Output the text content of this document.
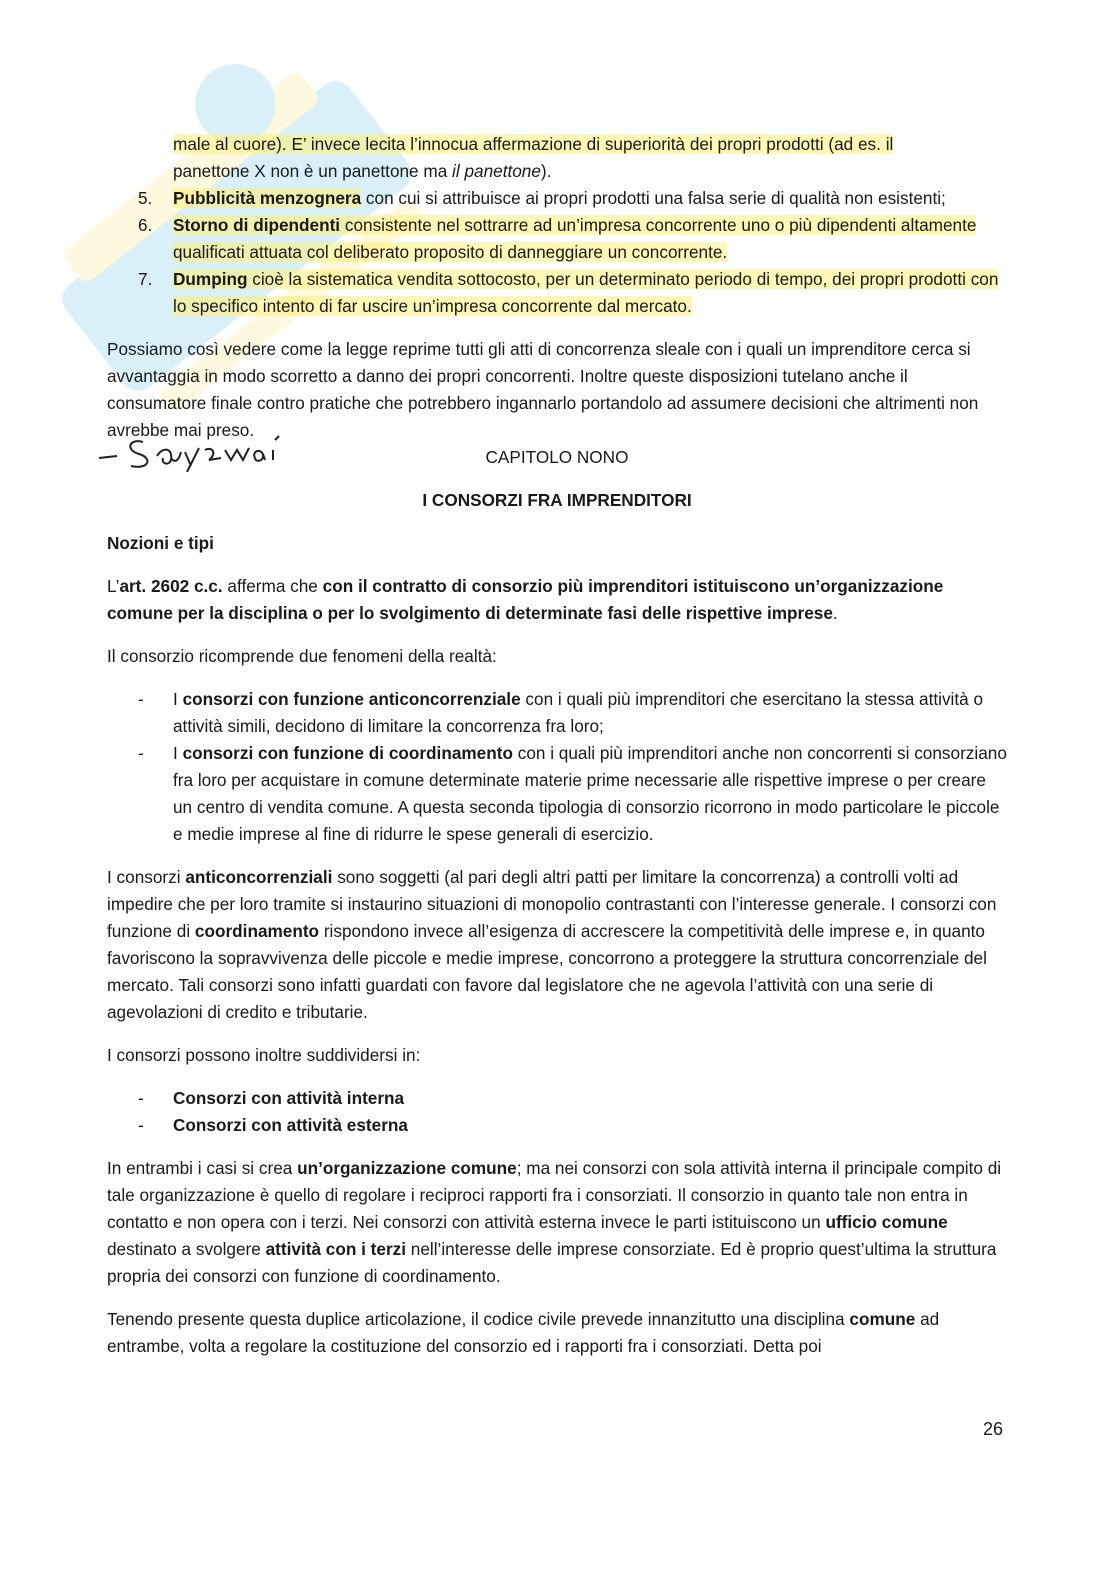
male al cuore). E’ invece lecita l’innocua affermazione di superiorità dei propri prodotti (ad es. il
panettone X non è un panettone ma il panettone).

5. Pubblicità menzognera con cui si attribuisce ai propri prodotti una falsa serie di qualità non esistenti;
6. Storno di dipendenti consistente nel sottrarre ad un’impresa concorrente uno o più dipendenti altamente qualificati attuata col deliberato proposito di danneggiare un concorrente.
7. Dumping cioè la sistematica vendita sottocosto, per un determinato periodo di tempo, dei propri prodotti con lo specifico intento di far uscire un’impresa concorrente dal mercato.

Possiamo così vedere come la legge reprime tutti gli atti di concorrenza sleale con i quali un imprenditore cerca si avvantaggia in modo scorretto a danno dei propri concorrenti. Inoltre queste disposizioni tutelano anche il consumatore finale contro pratiche che potrebbero ingannarlo portandolo ad assumere decisioni che altrimenti non avrebbe mai preso.

CAPITOLO NONO

I CONSORZI FRA IMPRENDITORI

Nozioni e tipi

L’art. 2602 c.c. afferma che con il contratto di consorzio più imprenditori istituiscono un’organizzazione comune per la disciplina o per lo svolgimento di determinate fasi delle rispettive imprese.

Il consorzio ricomprende due fenomeni della realtà:

- I consorzi con funzione anticoncorrenziale con i quali più imprenditori che esercitano la stessa attività o attività simili, decidono di limitare la concorrenza fra loro;
- I consorzi con funzione di coordinamento con i quali più imprenditori anche non concorrenti si consorziano fra loro per acquistare in comune determinate materie prime necessarie alle rispettive imprese o per creare un centro di vendita comune. A questa seconda tipologia di consorzio ricorrono in modo particolare le piccole e medie imprese al fine di ridurre le spese generali di esercizio.

I consorzi anticoncorrenziali sono soggetti (al pari degli altri patti per limitare la concorrenza) a controlli volti ad impedire che per loro tramite si instaurino situazioni di monopolio contrastanti con l’interesse generale. I consorzi con funzione di coordinamento rispondono invece all’esigenza di accrescere la competitività delle imprese e, in quanto favoriscono la sopravvivenza delle piccole e medie imprese, concorrono a proteggere la struttura concorrenziale del mercato. Tali consorzi sono infatti guardati con favore dal legislatore che ne agevola l’attività con una serie di agevolazioni di credito e tributarie.

I consorzi possono inoltre suddividersi in:

- Consorzi con attività interna
- Consorzi con attività esterna

In entrambi i casi si crea un’organizzazione comune; ma nei consorzi con sola attività interna il principale compito di tale organizzazione è quello di regolare i reciproci rapporti fra i consorziati. Il consorzio in quanto tale non entra in contatto e non opera con i terzi. Nei consorzi con attività esterna invece le parti istituiscono un ufficio comune destinato a svolgere attività con i terzi nell’interesse delle imprese consorziate. Ed è proprio quest’ultima la struttura propria dei consorzi con funzione di coordinamento.

Tenendo presente questa duplice articolazione, il codice civile prevede innanzitutto una disciplina comune ad entrambe, volta a regolare la costituzione del consorzio ed i rapporti fra i consorziati. Detta poi

26
